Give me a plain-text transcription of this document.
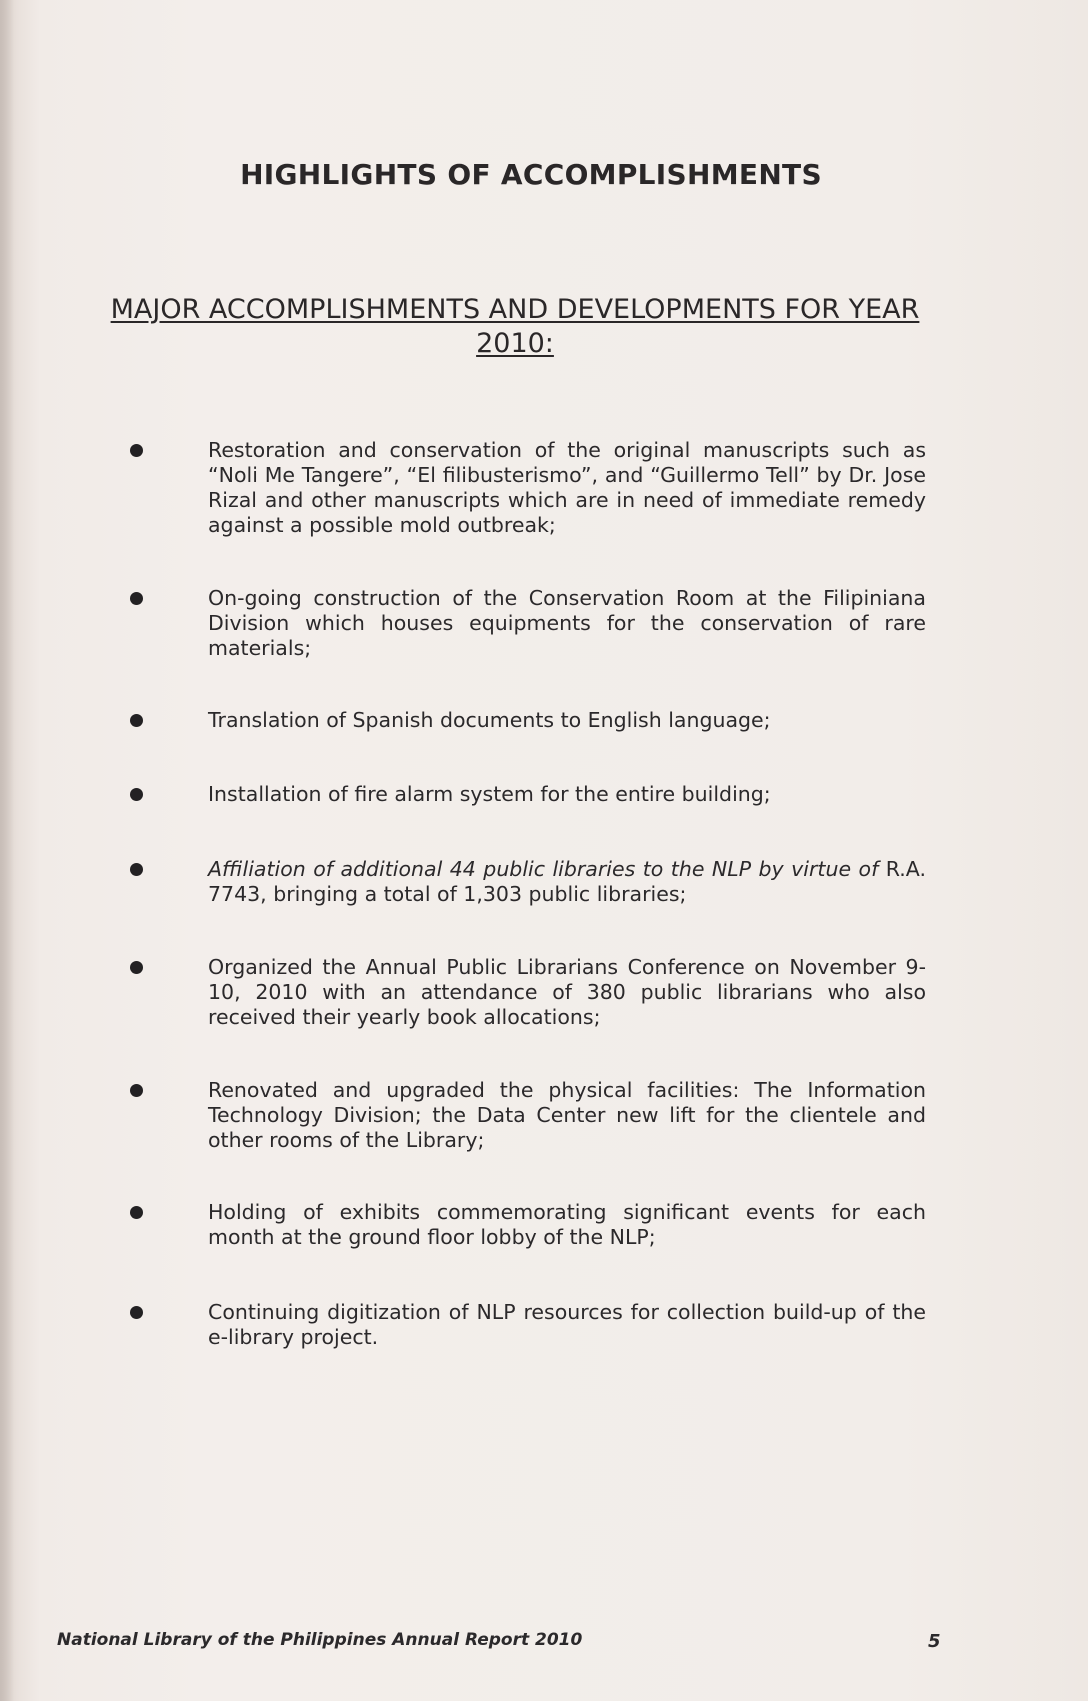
HIGHLIGHTS OF ACCOMPLISHMENTS
MAJOR ACCOMPLISHMENTS AND DEVELOPMENTS FOR YEAR 2010:
Restoration and conservation of the original manuscripts such as “Noli Me Tangere”, “El filibusterismo”, and “Guillermo Tell” by Dr. Jose Rizal and other manuscripts which are in need of immediate remedy against a possible mold outbreak;
On-going construction of the Conservation Room at the Filipiniana Division which houses equipments for the conservation of rare materials;
Translation of Spanish documents to English language;
Installation of fire alarm system for the entire building;
Affiliation of additional 44 public libraries to the NLP by virtue of R.A. 7743, bringing a total of 1,303 public libraries;
Organized the Annual Public Librarians Conference on November 9-10, 2010 with an attendance of 380 public librarians who also received their yearly book allocations;
Renovated and upgraded the physical facilities: The Information Technology Division; the Data Center new lift for the clientele and other rooms of the Library;
Holding of exhibits commemorating significant events for each month at the ground floor lobby of the NLP;
Continuing digitization of NLP resources for collection build-up of the e-library project.
National Library of the Philippines Annual Report 2010	5
